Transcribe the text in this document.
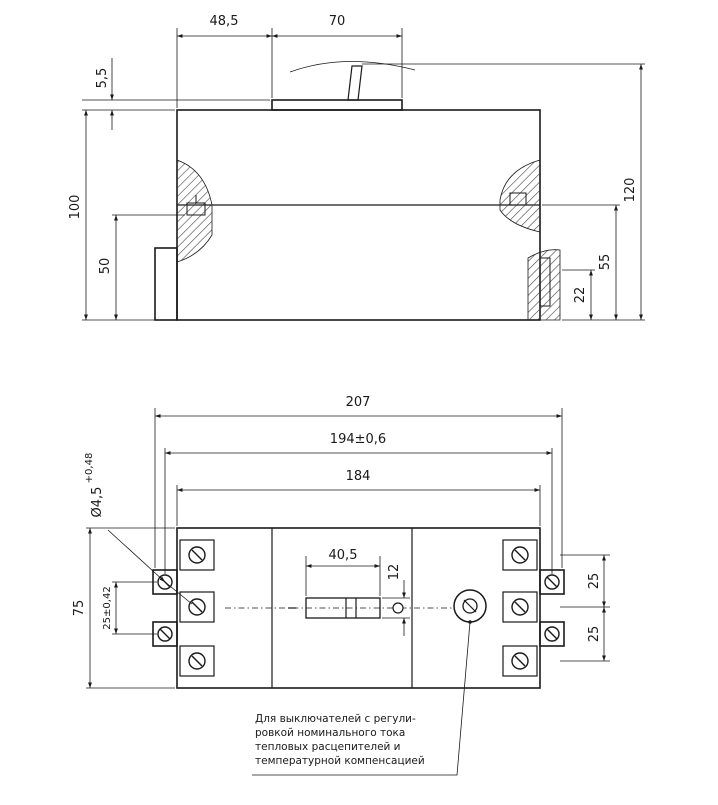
48,5	70
5,5
100
50
120
55
22
207
194±0,6
184
40,5
12
75 25±0,42
Ø4,5
+0,48
25
25
Для выключателей с регули-
ровкой номинального тока
тепловых расцепителей и
температурной компенсацией
